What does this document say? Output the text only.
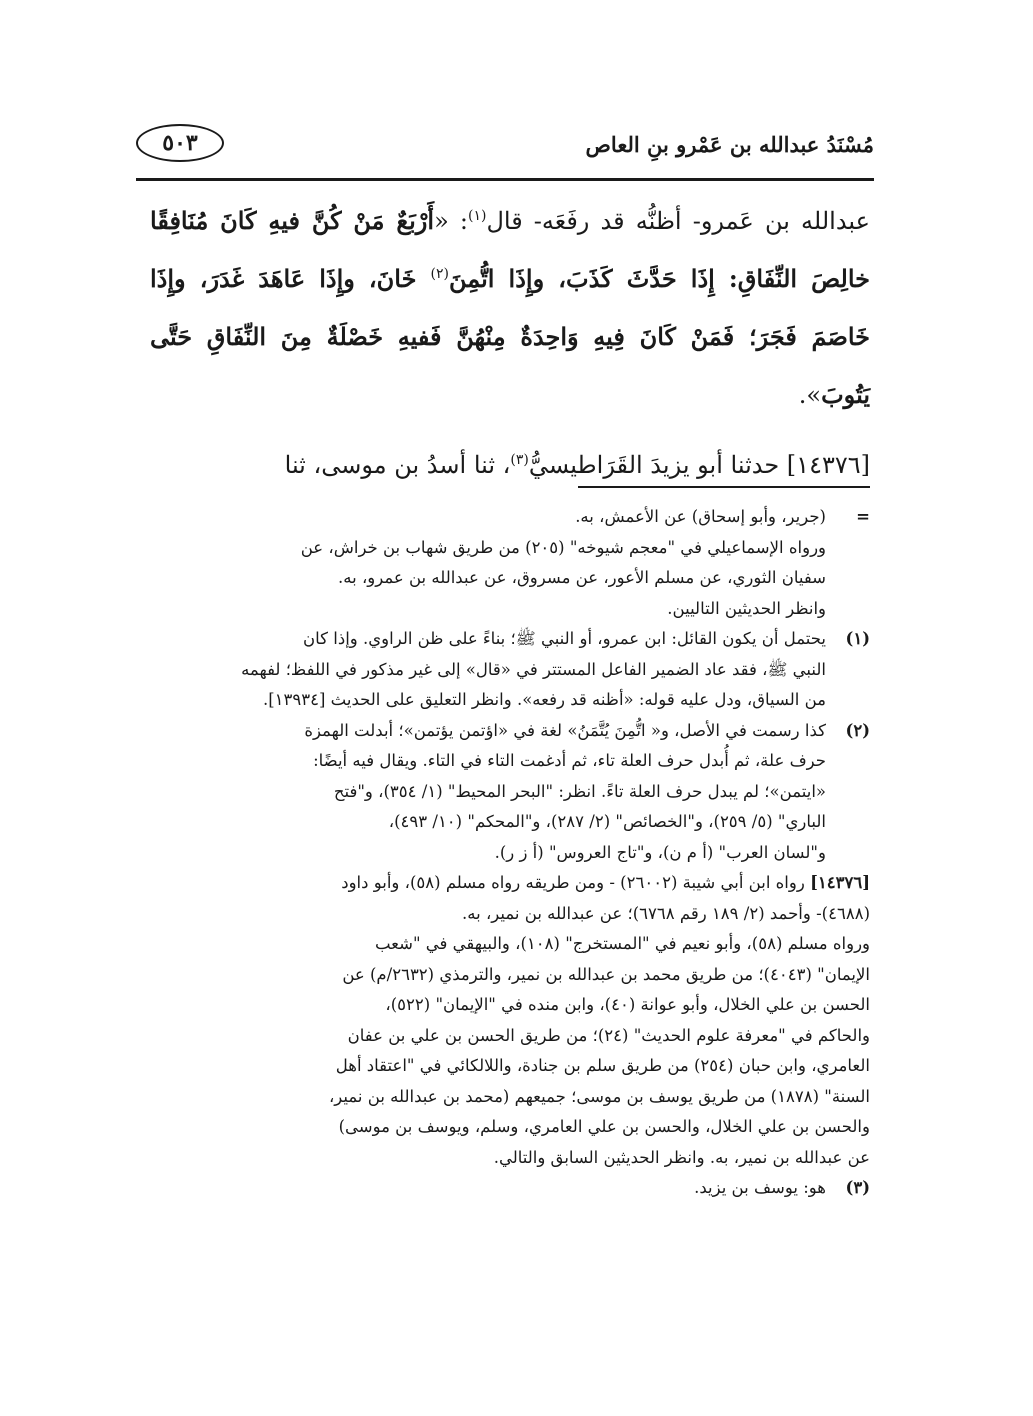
مُسْنَدُ عبدالله بن عَمْرو بنِ العاص
٥٠٣

عبدالله بن عَمرو- أظنُّه قد رفَعَه- قال$^{(١)}$: «أَرْبَعٌ مَنْ كُنَّ فيهِ كَانَ مُنَافِقًا خالِصَ النِّفَاقِ: إِذَا حَدَّثَ كَذَبَ، وإِذَا اتُّمِنَ$^{(٢)}$ خَانَ، وإِذَا عَاهَدَ غَدَرَ، وإِذَا خَاصَمَ فَجَرَ؛ فَمَنْ كَانَ فِيهِ وَاحِدَةٌ مِنْهُنَّ فَفيهِ خَصْلَةٌ مِنَ النِّفَاقِ حَتَّى يَتُوبَ».

[١٤٣٧٦] حدثنا أبو يزيدَ القَرَاطيسيُّ$^{(٣)}$، ثنا أسدُ بن موسى، ثنا

=
(جرير، وأبو إسحاق) عن الأعمش، به.
ورواه الإسماعيلي في "معجم شيوخه" (٢٠٥) من طريق شهاب بن خراش، عن
سفيان الثوري، عن مسلم الأعور، عن مسروق، عن عبدالله بن عمرو، به.
وانظر الحديثين التاليين.
(١)
يحتمل أن يكون القائل: ابن عمرو، أو النبي ﷺ؛ بناءً على ظن الراوي. وإذا كان
النبي ﷺ، فقد عاد الضمير الفاعل المستتر في «قال» إلى غير مذكور في اللفظ؛ لفهمه
من السياق، ودل عليه قوله: «أظنه قد رفعه». وانظر التعليق على الحديث [١٣٩٣٤].
(٢)
كذا رسمت في الأصل، و« اتُّمِنَ يُتَّمَنُ» لغة في «اؤتمن يؤتمن»؛ أبدلت الهمزة
حرف علة، ثم أُبدل حرف العلة تاء، ثم أدغمت التاء في التاء. ويقال فيه أيضًا:
«ايتمن»؛ لم يبدل حرف العلة تاءً. انظر: "البحر المحيط" (١/ ٣٥٤)، و"فتح
الباري" (٥/ ٢٥٩)، و"الخصائص" (٢/ ٢٨٧)، و"المحكم" (١٠/ ٤٩٣)،
و"لسان العرب" (أ م ن)، و"تاج العروس" (أ ز ر).
[١٤٣٧٦] رواه ابن أبي شيبة (٢٦٠٠٢) - ومن طريقه رواه مسلم (٥٨)، وأبو داود
(٤٦٨٨)- وأحمد (٢/ ١٨٩ رقم ٦٧٦٨)؛ عن عبدالله بن نمير، به.
ورواه مسلم (٥٨)، وأبو نعيم في "المستخرج" (١٠٨)، والبيهقي في "شعب
الإيمان" (٤٠٤٣)؛ من طريق محمد بن عبدالله بن نمير، والترمذي (٢٦٣٢/م) عن
الحسن بن علي الخلال، وأبو عوانة (٤٠)، وابن منده في "الإيمان" (٥٢٢)،
والحاكم في "معرفة علوم الحديث" (٢٤)؛ من طريق الحسن بن علي بن عفان
العامري، وابن حبان (٢٥٤) من طريق سلم بن جنادة، واللالكائي في "اعتقاد أهل
السنة" (١٨٧٨) من طريق يوسف بن موسى؛ جميعهم (محمد بن عبدالله بن نمير،
والحسن بن علي الخلال، والحسن بن علي العامري، وسلم، ويوسف بن موسى)
عن عبدالله بن نمير، به. وانظر الحديثين السابق والتالي.
(٣)
هو: يوسف بن يزيد.
